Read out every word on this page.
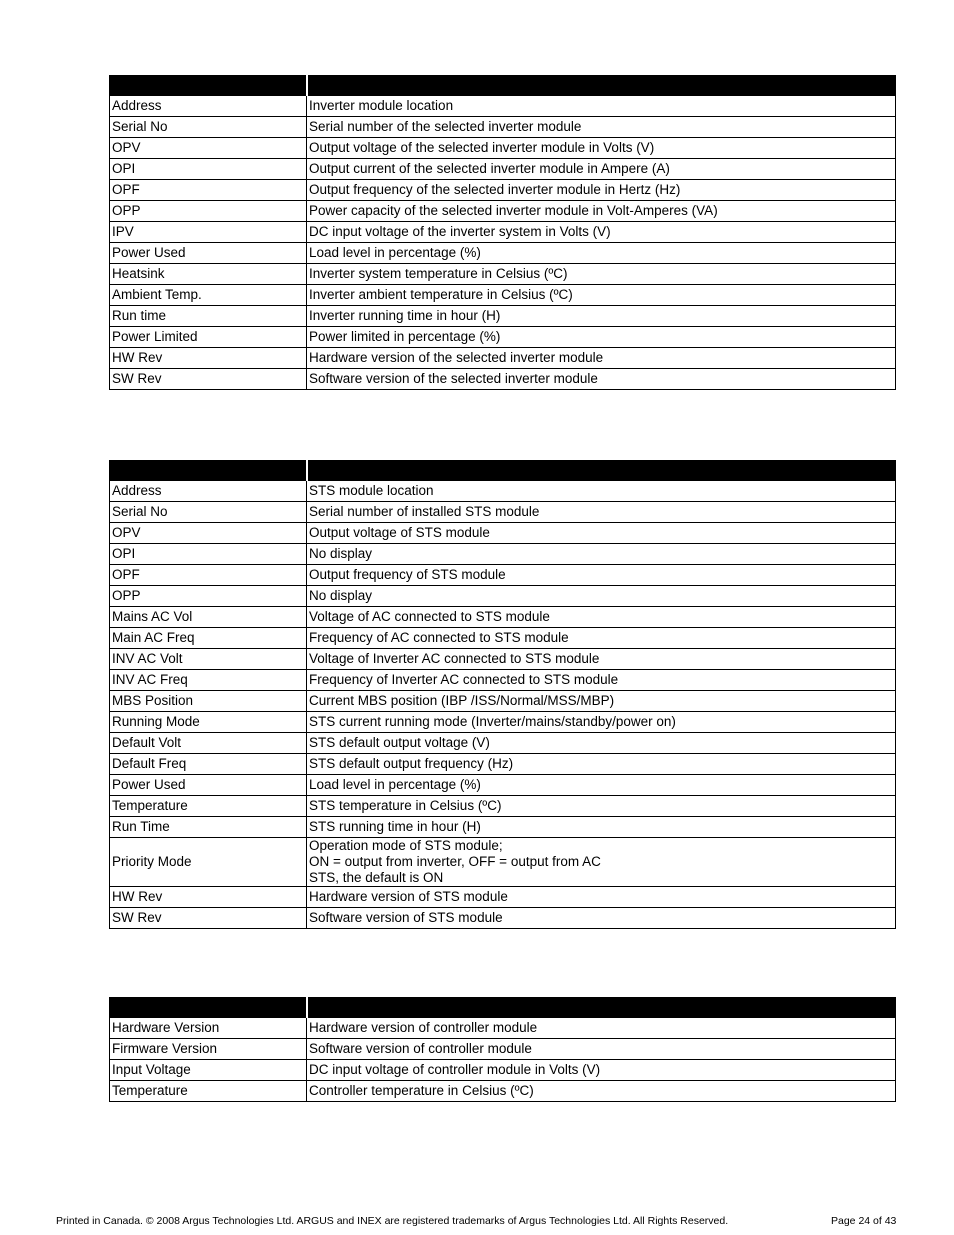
Address	Inverter module location
Serial No	Serial number of the selected inverter module
OPV	Output voltage of the selected inverter module in Volts (V)
OPI	Output current of the selected inverter module in Ampere (A)
OPF	Output frequency of the selected inverter module in Hertz (Hz)
OPP	Power capacity of the selected inverter module in Volt-Amperes (VA)
IPV	DC input voltage of the inverter system in Volts (V)
Power Used	Load level in percentage (%)
Heatsink	Inverter system temperature in Celsius (ºC)
Ambient Temp.	Inverter ambient temperature in Celsius (ºC)
Run time	Inverter running time in hour (H)
Power Limited	Power limited in percentage (%)
HW Rev	Hardware version of the selected inverter module
SW Rev	Software version of the selected inverter module

Address	STS module location
Serial No	Serial number of installed STS module
OPV	Output voltage of STS module
OPI	No display
OPF	Output frequency of STS module
OPP	No display
Mains AC Vol	Voltage of AC connected to STS module
Main AC Freq	Frequency of AC connected to STS module
INV AC Volt	Voltage of Inverter AC connected to STS module
INV AC Freq	Frequency of Inverter AC connected to STS module
MBS Position	Current MBS position (IBP /ISS/Normal/MSS/MBP)
Running Mode	STS current running mode (Inverter/mains/standby/power on)
Default Volt	STS default output voltage (V)
Default Freq	STS default output frequency (Hz)
Power Used	Load level in percentage (%)
Temperature	STS temperature in Celsius (ºC)
Run Time	STS running time in hour (H)
Priority Mode	Operation mode of STS module;
ON = output from inverter, OFF = output from AC
STS, the default is ON

HW Rev	Hardware version of STS module
SW Rev	Software version of STS module

Hardware Version	Hardware version of controller module
Firmware Version	Software version of controller module
Input Voltage	DC input voltage of controller module in Volts (V)
Temperature	Controller temperature in Celsius (ºC)
Printed in Canada. © 2008 Argus Technologies Ltd. ARGUS and INEX are registered trademarks of Argus Technologies Ltd. All Rights Reserved.	Page 24 of 43
